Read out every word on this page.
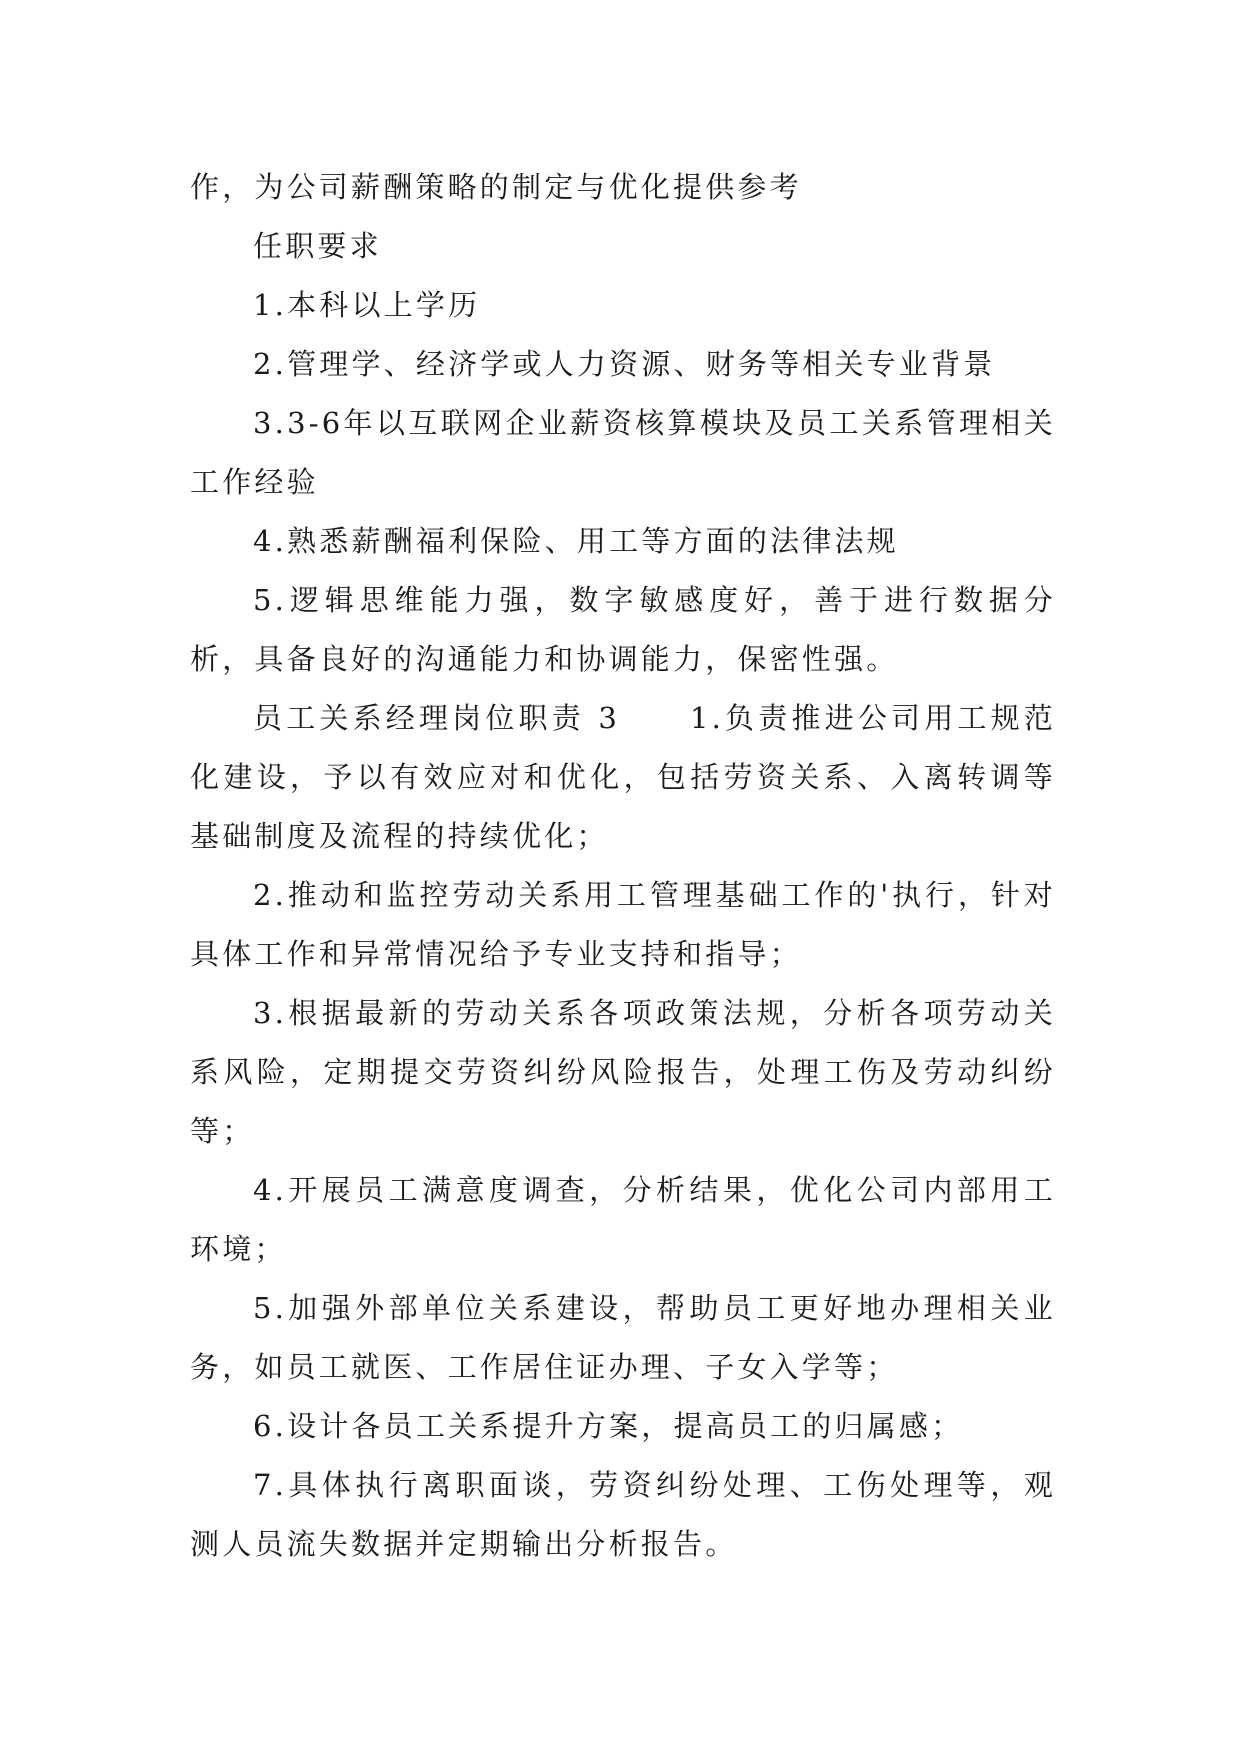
作，为公司薪酬策略的制定与优化提供参考

任职要求

1.本科以上学历

2.管理学、经济学或人力资源、财务等相关专业背景

3.3-6年以互联网企业薪资核算模块及员工关系管理相关工作经验

4.熟悉薪酬福利保险、用工等方面的法律法规

5.逻辑思维能力强，数字敏感度好，善于进行数据分析，具备良好的沟通能力和协调能力，保密性强。

员工关系经理岗位职责 3 1.负责推进公司用工规范化建设，予以有效应对和优化，包括劳资关系、入离转调等基础制度及流程的持续优化；

2.推动和监控劳动关系用工管理基础工作的'执行，针对具体工作和异常情况给予专业支持和指导；

3.根据最新的劳动关系各项政策法规，分析各项劳动关系风险，定期提交劳资纠纷风险报告，处理工伤及劳动纠纷等；

4.开展员工满意度调查，分析结果，优化公司内部用工环境；

5.加强外部单位关系建设，帮助员工更好地办理相关业务，如员工就医、工作居住证办理、子女入学等；

6.设计各员工关系提升方案，提高员工的归属感；

7.具体执行离职面谈，劳资纠纷处理、工伤处理等，观测人员流失数据并定期输出分析报告。
